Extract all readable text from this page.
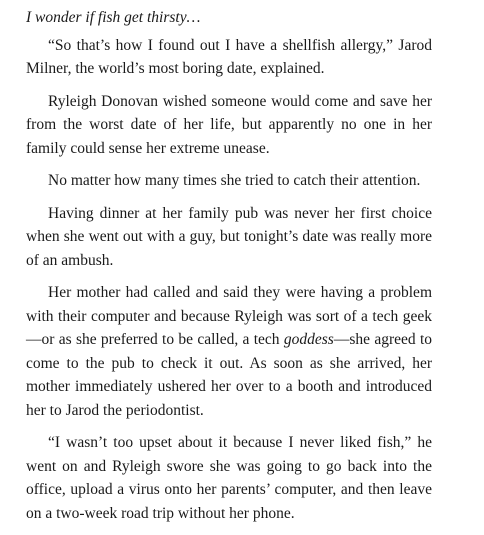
I wonder if fish get thirsty…

“So that’s how I found out I have a shellfish allergy,” Jarod Milner, the world’s most boring date, explained.

Ryleigh Donovan wished someone would come and save her from the worst date of her life, but apparently no one in her family could sense her extreme unease.

No matter how many times she tried to catch their attention.

Having dinner at her family pub was never her first choice when she went out with a guy, but tonight’s date was really more of an ambush.

Her mother had called and said they were having a problem with their computer and because Ryleigh was sort of a tech geek—or as she preferred to be called, a tech goddess—she agreed to come to the pub to check it out. As soon as she arrived, her mother immediately ushered her over to a booth and introduced her to Jarod the periodontist.

“I wasn’t too upset about it because I never liked fish,” he went on and Ryleigh swore she was going to go back into the office, upload a virus onto her parents’ computer, and then leave on a two-week road trip without her phone.
